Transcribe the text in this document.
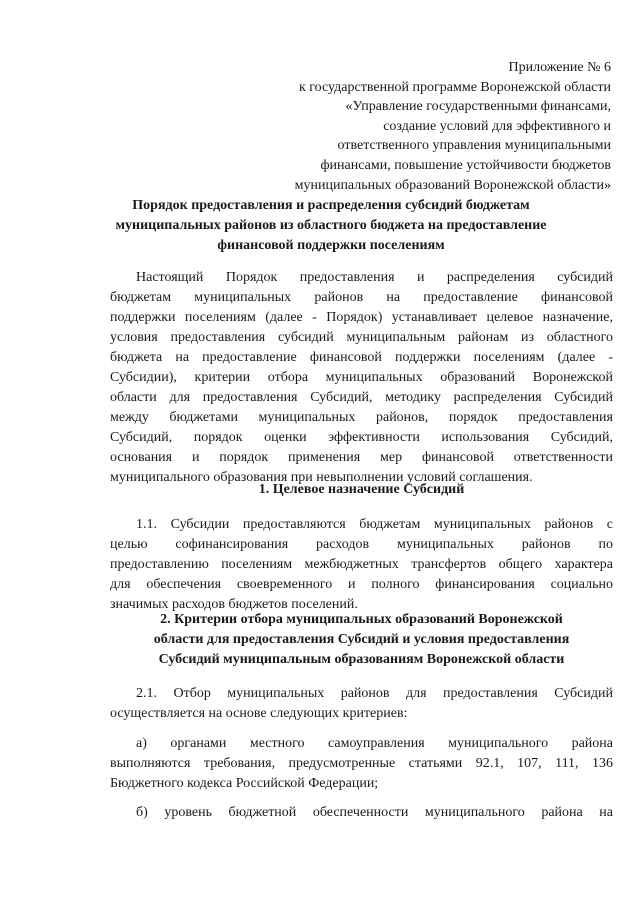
Приложение № 6
к государственной программе Воронежской области
«Управление государственными финансами,
создание условий для эффективного и
ответственного управления муниципальными
финансами, повышение устойчивости бюджетов
муниципальных образований Воронежской области»
Порядок предоставления и распределения субсидий бюджетам
муниципальных районов из областного бюджета на предоставление
финансовой поддержки поселениям
Настоящий Порядок предоставления и распределения субсидий
бюджетам муниципальных районов на предоставление финансовой
поддержки поселениям (далее - Порядок) устанавливает целевое назначение,
условия предоставления субсидий муниципальным районам из областного
бюджета на предоставление финансовой поддержки поселениям (далее -
Субсидии), критерии отбора муниципальных образований Воронежской
области для предоставления Субсидий, методику распределения Субсидий
между бюджетами муниципальных районов, порядок предоставления
Субсидий, порядок оценки эффективности использования Субсидий,
основания и порядок применения мер финансовой ответственности
муниципального образования при невыполнении условий соглашения.
1. Целевое назначение Субсидий
1.1. Субсидии предоставляются бюджетам муниципальных районов с
целью софинансирования расходов муниципальных районов по
предоставлению поселениям межбюджетных трансфертов общего характера
для обеспечения своевременного и полного финансирования социально
значимых расходов бюджетов поселений.
2. Критерии отбора муниципальных образований Воронежской
области для предоставления Субсидий и условия предоставления
Субсидий муниципальным образованиям Воронежской области
2.1. Отбор муниципальных районов для предоставления Субсидий
осуществляется на основе следующих критериев:
а) органами местного самоуправления муниципального района
выполняются требования, предусмотренные статьями 92.1, 107, 111, 136
Бюджетного кодекса Российской Федерации;
б) уровень бюджетной обеспеченности муниципального района на
